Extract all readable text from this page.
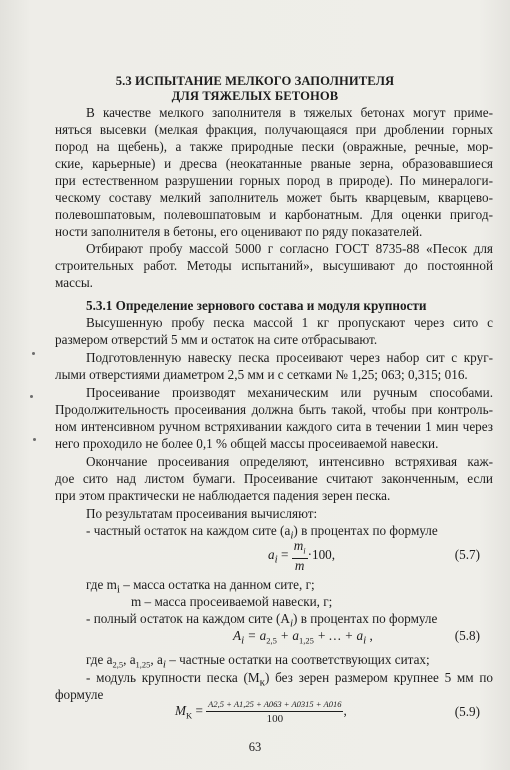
5.3 ИСПЫТАНИЕ МЕЛКОГО ЗАПОЛНИТЕЛЯ
ДЛЯ ТЯЖЕЛЫХ БЕТОНОВ
В качестве мелкого заполнителя в тяжелых бетонах могут приме-
няться высевки (мелкая фракция, получающаяся при дроблении горных
пород на щебень), а также природные пески (овражные, речные, мор-
ские, карьерные) и дресва (неокатанные рваные зерна, образовавшиеся
при естественном разрушении горных пород в природе). По минералоги-
ческому составу мелкий заполнитель может быть кварцевым, кварцево-
полевошпатовым, полевошпатовым и карбонатным. Для оценки пригод-
ности заполнителя в бетоны, его оценивают по ряду показателей.
Отбирают пробу массой 5000 г согласно ГОСТ 8735-88 «Песок для
строительных работ. Методы испытаний», высушивают до постоянной
массы.
5.3.1 Определение зернового состава и модуля крупности
Высушенную пробу песка массой 1 кг пропускают через сито с
размером отверстий 5 мм и остаток на сите отбрасывают.
Подготовленную навеску песка просеивают через набор сит с круг-
лыми отверстиями диаметром 2,5 мм и с сетками № 1,25; 063; 0,315; 016.
Просеивание производят механическим или ручным способами.
Продолжительность просеивания должна быть такой, чтобы при контроль-
ном интенсивном ручном встряхивании каждого сита в течении 1 мин через
него проходило не более 0,1 % общей массы просеиваемой навески.
Окончание просеивания определяют, интенсивно встряхивая каж-
дое сито над листом бумаги. Просеивание считают законченным, если
при этом практически не наблюдается падения зерен песка.
По результатам просеивания вычисляют:
- частный остаток на каждом сите $(a_i)$ в процентах по формуле
$a_i = \frac{m_i}{m} \cdot 100$,	(5.7)
где $m_i$ – масса остатка на данном сите, г;
m – масса просеиваемой навески, г;
- полный остаток на каждом сите $(A_i)$ в процентах по формуле
$A_i = a_{2,5} + a_{1,25}$ + … + $a_i$ ,	(5.8)
где $a_{2,5}$, $a_{1,25}$, $a_i$ – частные остатки на соответствующих ситах;
- модуль крупности песка $(М_к)$ без зерен размером крупнее 5 мм по
формуле
$M_K = \frac{A2,5 + A1,25 + A063 + A0315 + A016}{100}$ ,	(5.9)
63
